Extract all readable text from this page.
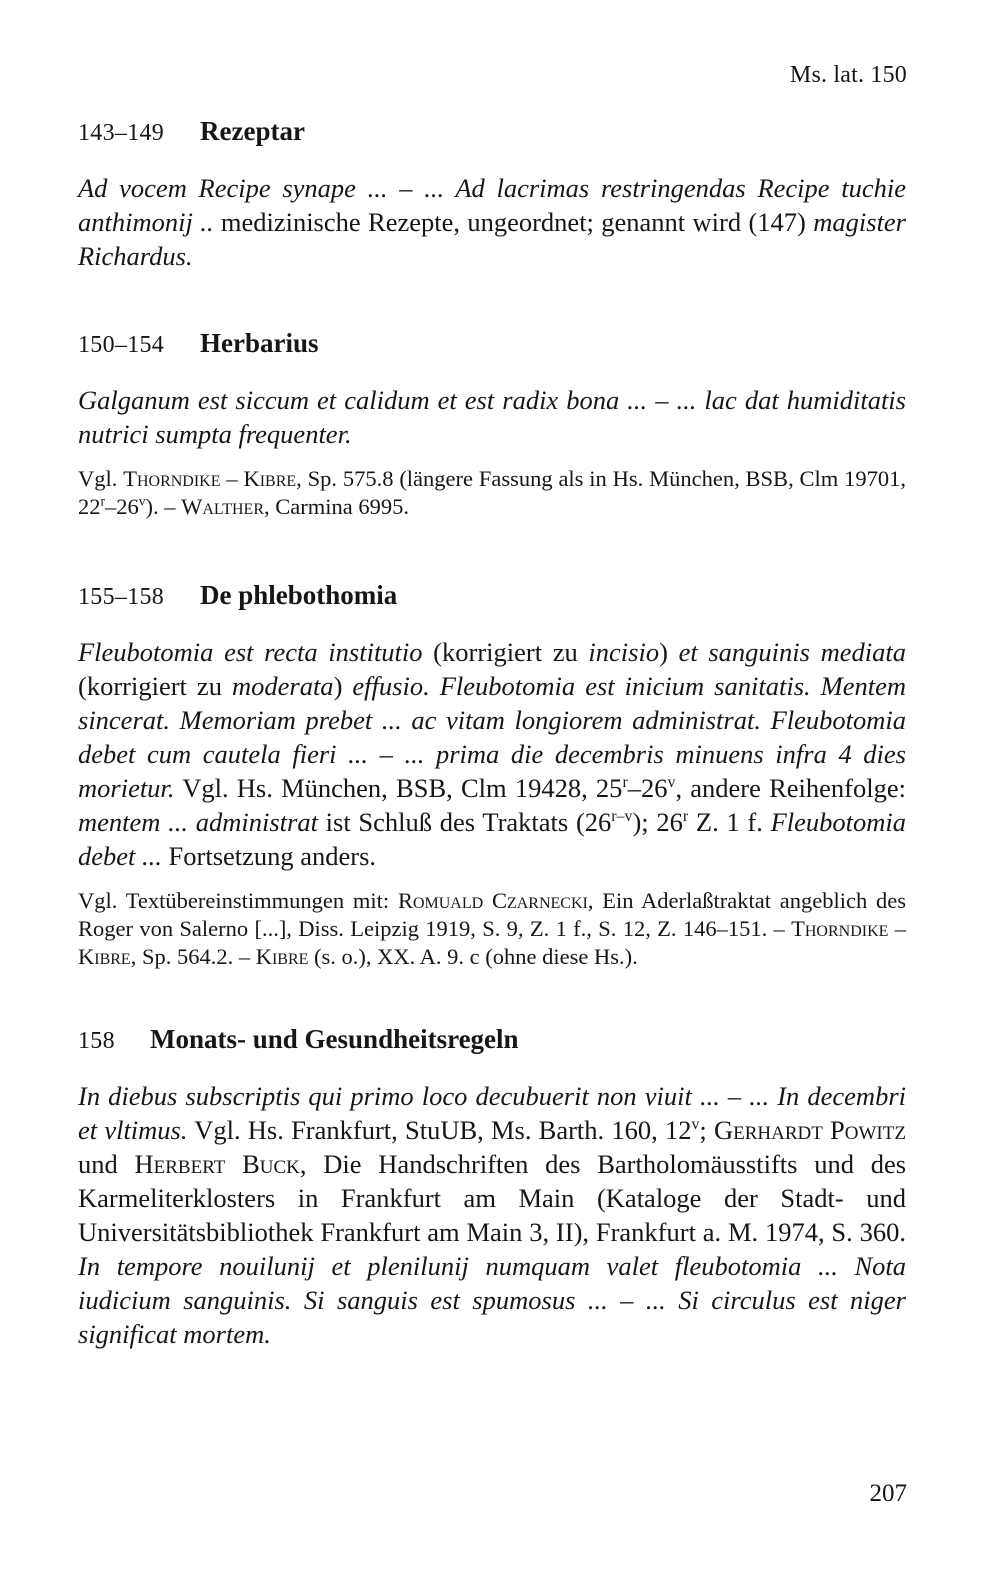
Ms. lat. 150
143–149	Rezeptar

Ad vocem Recipe synape ... – ... Ad lacrimas restringendas Recipe tuchie anthimonij .. medizinische Rezepte, ungeordnet; genannt wird (147) magister Richardus.

150–154	Herbarius

Galganum est siccum et calidum et est radix bona ... – ... lac dat humiditatis nutrici sumpta frequenter.

Vgl. Thorndike – Kibre, Sp. 575.8 (längere Fassung als in Hs. München, BSB, Clm 19701, 22$^r$–26$^v$). – Walther, Carmina 6995.

155–158	De phlebothomia

Fleubotomia est recta institutio (korrigiert zu incisio) et sanguinis mediata (korrigiert zu moderata) effusio. Fleubotomia est inicium sanitatis. Mentem sincerat. Memoriam prebet ... ac vitam longiorem administrat. Fleubotomia debet cum cautela fieri ... – ... prima die decembris minuens infra 4 dies morietur. Vgl. Hs. München, BSB, Clm 19428, 25$^r$–26$^v$, andere Reihenfolge: mentem ... administrat ist Schluß des Traktats (26$^{r-v}$); 26$^r$ Z. 1 f. Fleubotomia debet ... Fortsetzung anders.

Vgl. Textübereinstimmungen mit: Romuald Czarnecki, Ein Aderlaßtraktat angeblich des Roger von Salerno [...], Diss. Leipzig 1919, S. 9, Z. 1 f., S. 12, Z. 146–151. – Thorndike – Kibre, Sp. 564.2. – Kibre (s. o.), XX. A. 9. c (ohne diese Hs.).

158	Monats- und Gesundheitsregeln

In diebus subscriptis qui primo loco decubuerit non viuit ... – ... In decembri et vltimus. Vgl. Hs. Frankfurt, StuUB, Ms. Barth. 160, 12$^v$; Gerhardt Powitz und Herbert Buck, Die Handschriften des Bartholomäusstifts und des Karmeliterklosters in Frankfurt am Main (Kataloge der Stadt- und Universitätsbibliothek Frankfurt am Main 3, II), Frankfurt a. M. 1974, S. 360. In tempore nouilunij et plenilunij numquam valet fleubotomia ... Nota iudicium sanguinis. Si sanguis est spumosus ... – ... Si circulus est niger significat mortem.

207
